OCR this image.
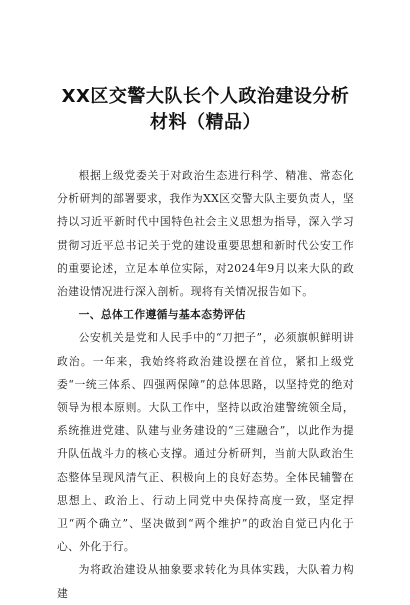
XX区交警大队长个人政治建设分析材料（精品）

根据上级党委关于对政治生态进行科学、精准、常态化分析研判的部署要求，我作为XX区交警大队主要负责人，坚持以习近平新时代中国特色社会主义思想为指导，深入学习贯彻习近平总书记关于党的建设重要思想和新时代公安工作的重要论述，立足本单位实际，对2024年9月以来大队的政治建设情况进行深入剖析。现将有关情况报告如下。

一、总体工作遵循与基本态势评估

公安机关是党和人民手中的“刀把子”，必须旗帜鲜明讲政治。一年来，我始终将政治建设摆在首位，紧扣上级党委“一统三体系、四强两保障”的总体思路，以坚持党的绝对领导为根本原则。大队工作中，坚持以政治建警统领全局，系统推进党建、队建与业务建设的“三建融合”，以此作为提升队伍战斗力的核心支撑。通过分析研判，当前大队政治生态整体呈现风清气正、积极向上的良好态势。全体民辅警在思想上、政治上、行动上同党中央保持高度一致，坚定捍卫“两个确立”、坚决做到“两个维护”的政治自觉已内化于心、外化于行。

为将政治建设从抽象要求转化为具体实践，大队着力构建
